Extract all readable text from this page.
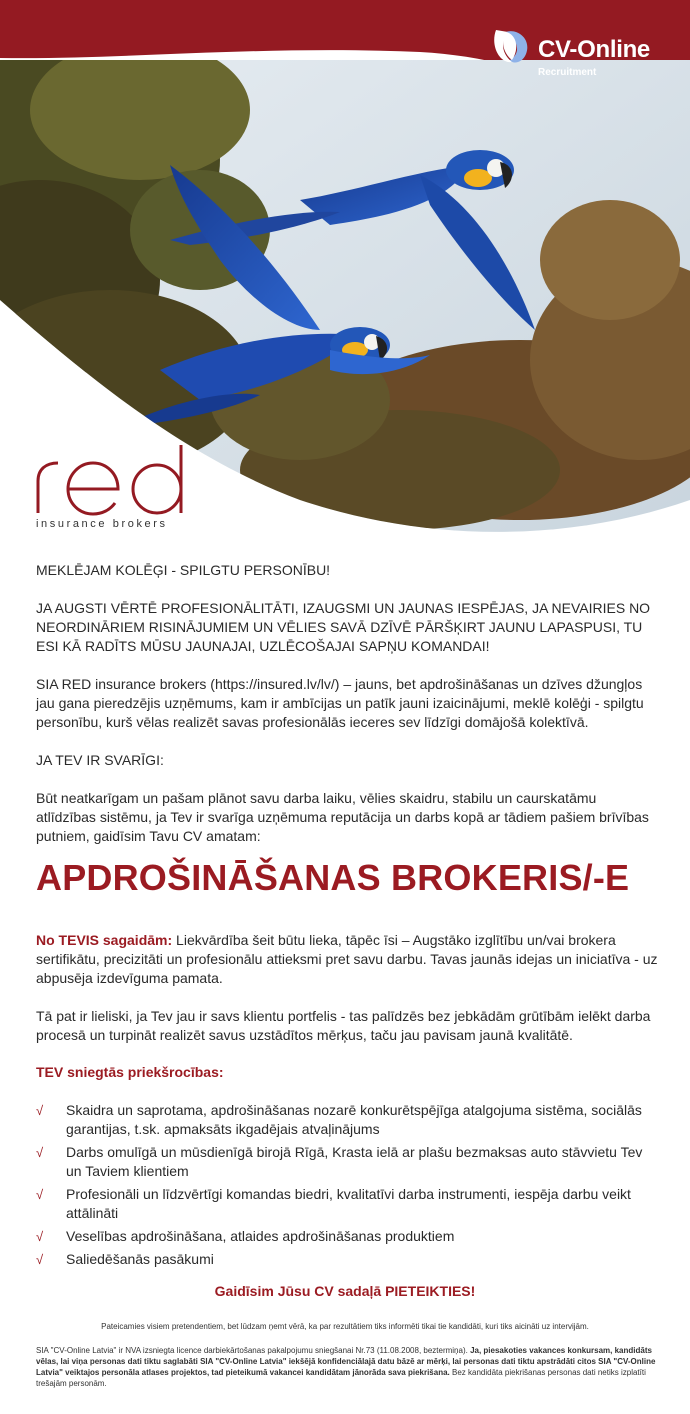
CV-Online
Recruitment
insurance brokers

MEKLĒJAM KOLĒĢI - SPILGTU PERSONĪBU!

JA AUGSTI VĒRTĒ PROFESIONĀLITĀTI, IZAUGSMI UN JAUNAS IESPĒJAS, JA NEVAIRIES NO NEORDINĀRIEM RISINĀJUMIEM UN VĒLIES SAVĀ DZĪVĒ PĀRŠĶIRT JAUNU LAPASPUSI, TU ESI KĀ RADĪTS MŪSU JAUNAJAI, UZLĒCOŠAJAI SAPŅU KOMANDAI!

SIA RED insurance brokers (https://insured.lv/lv/) – jauns, bet apdrošināšanas un dzīves džungļos jau gana pieredzējis uzņēmums, kam ir ambīcijas un patīk jauni izaicinājumi, meklē kolēģi - spilgtu personību, kurš vēlas realizēt savas profesionālās ieceres sev līdzīgi domājošā kolektīvā.

JA TEV IR SVARĪGI:

Būt neatkarīgam un pašam plānot savu darba laiku, vēlies skaidru, stabilu un caurskatāmu atlīdzības sistēmu, ja Tev ir svarīga uzņēmuma reputācija un darbs kopā ar tādiem pašiem brīvības putniem, gaidīsim Tavu CV amatam:

APDROŠINĀŠANAS BROKERIS/-E

No TEVIS sagaidām: Liekvārdība šeit būtu lieka, tāpēc īsi – Augstāko izglītību un/vai brokera sertifikātu, precizitāti un profesionālu attieksmi pret savu darbu. Tavas jaunās idejas un iniciatīva - uz abpusēja izdevīguma pamata.

Tā pat ir lieliski, ja Tev jau ir savs klientu portfelis - tas palīdzēs bez jebkādām grūtībām ielēkt darba procesā un turpināt realizēt savus uzstādītos mērķus, taču jau pavisam jaunā kvalitātē.

TEV sniegtās priekšrocības:

√ Skaidra un saprotama, apdrošināšanas nozarē konkurētspējīga atalgojuma sistēma, sociālās garantijas, t.sk. apmaksāts ikgadējais atvaļinājums
√ Darbs omulīgā un mūsdienīgā birojā Rīgā, Krasta ielā ar plašu bezmaksas auto stāvvietu Tev un Taviem klientiem
√ Profesionāli un līdzvērtīgi komandas biedri, kvalitatīvi darba instrumenti, iespēja darbu veikt attālināti
√ Veselības apdrošināšana, atlaides apdrošināšanas produktiem
√ Saliedēšanās pasākumi
Gaidīsim Jūsu CV sadaļā PIETEIKTIES!
Pateicamies visiem pretendentiem, bet lūdzam ņemt vērā, ka par rezultātiem tiks informēti tikai tie kandidāti, kuri tiks aicināti uz intervijām.
SIA "CV-Online Latvia" ir NVA izsniegta licence darbiekārtošanas pakalpojumu sniegšanai Nr.73 (11.08.2008, beztermiņa). Ja, piesakoties vakances konkursam, kandidāts vēlas, lai viņa personas dati tiktu saglabāti SIA "CV-Online Latvia" iekšējā konfidenciālajā datu bāzē ar mērķi, lai personas dati tiktu apstrādāti citos SIA "CV-Online Latvia" veiktajos personāla atlases projektos, tad pieteikumā vakancei kandidātam jānorāda sava piekrišana. Bez kandidāta piekrišanas personas dati netiks izplatīti trešajām personām.
